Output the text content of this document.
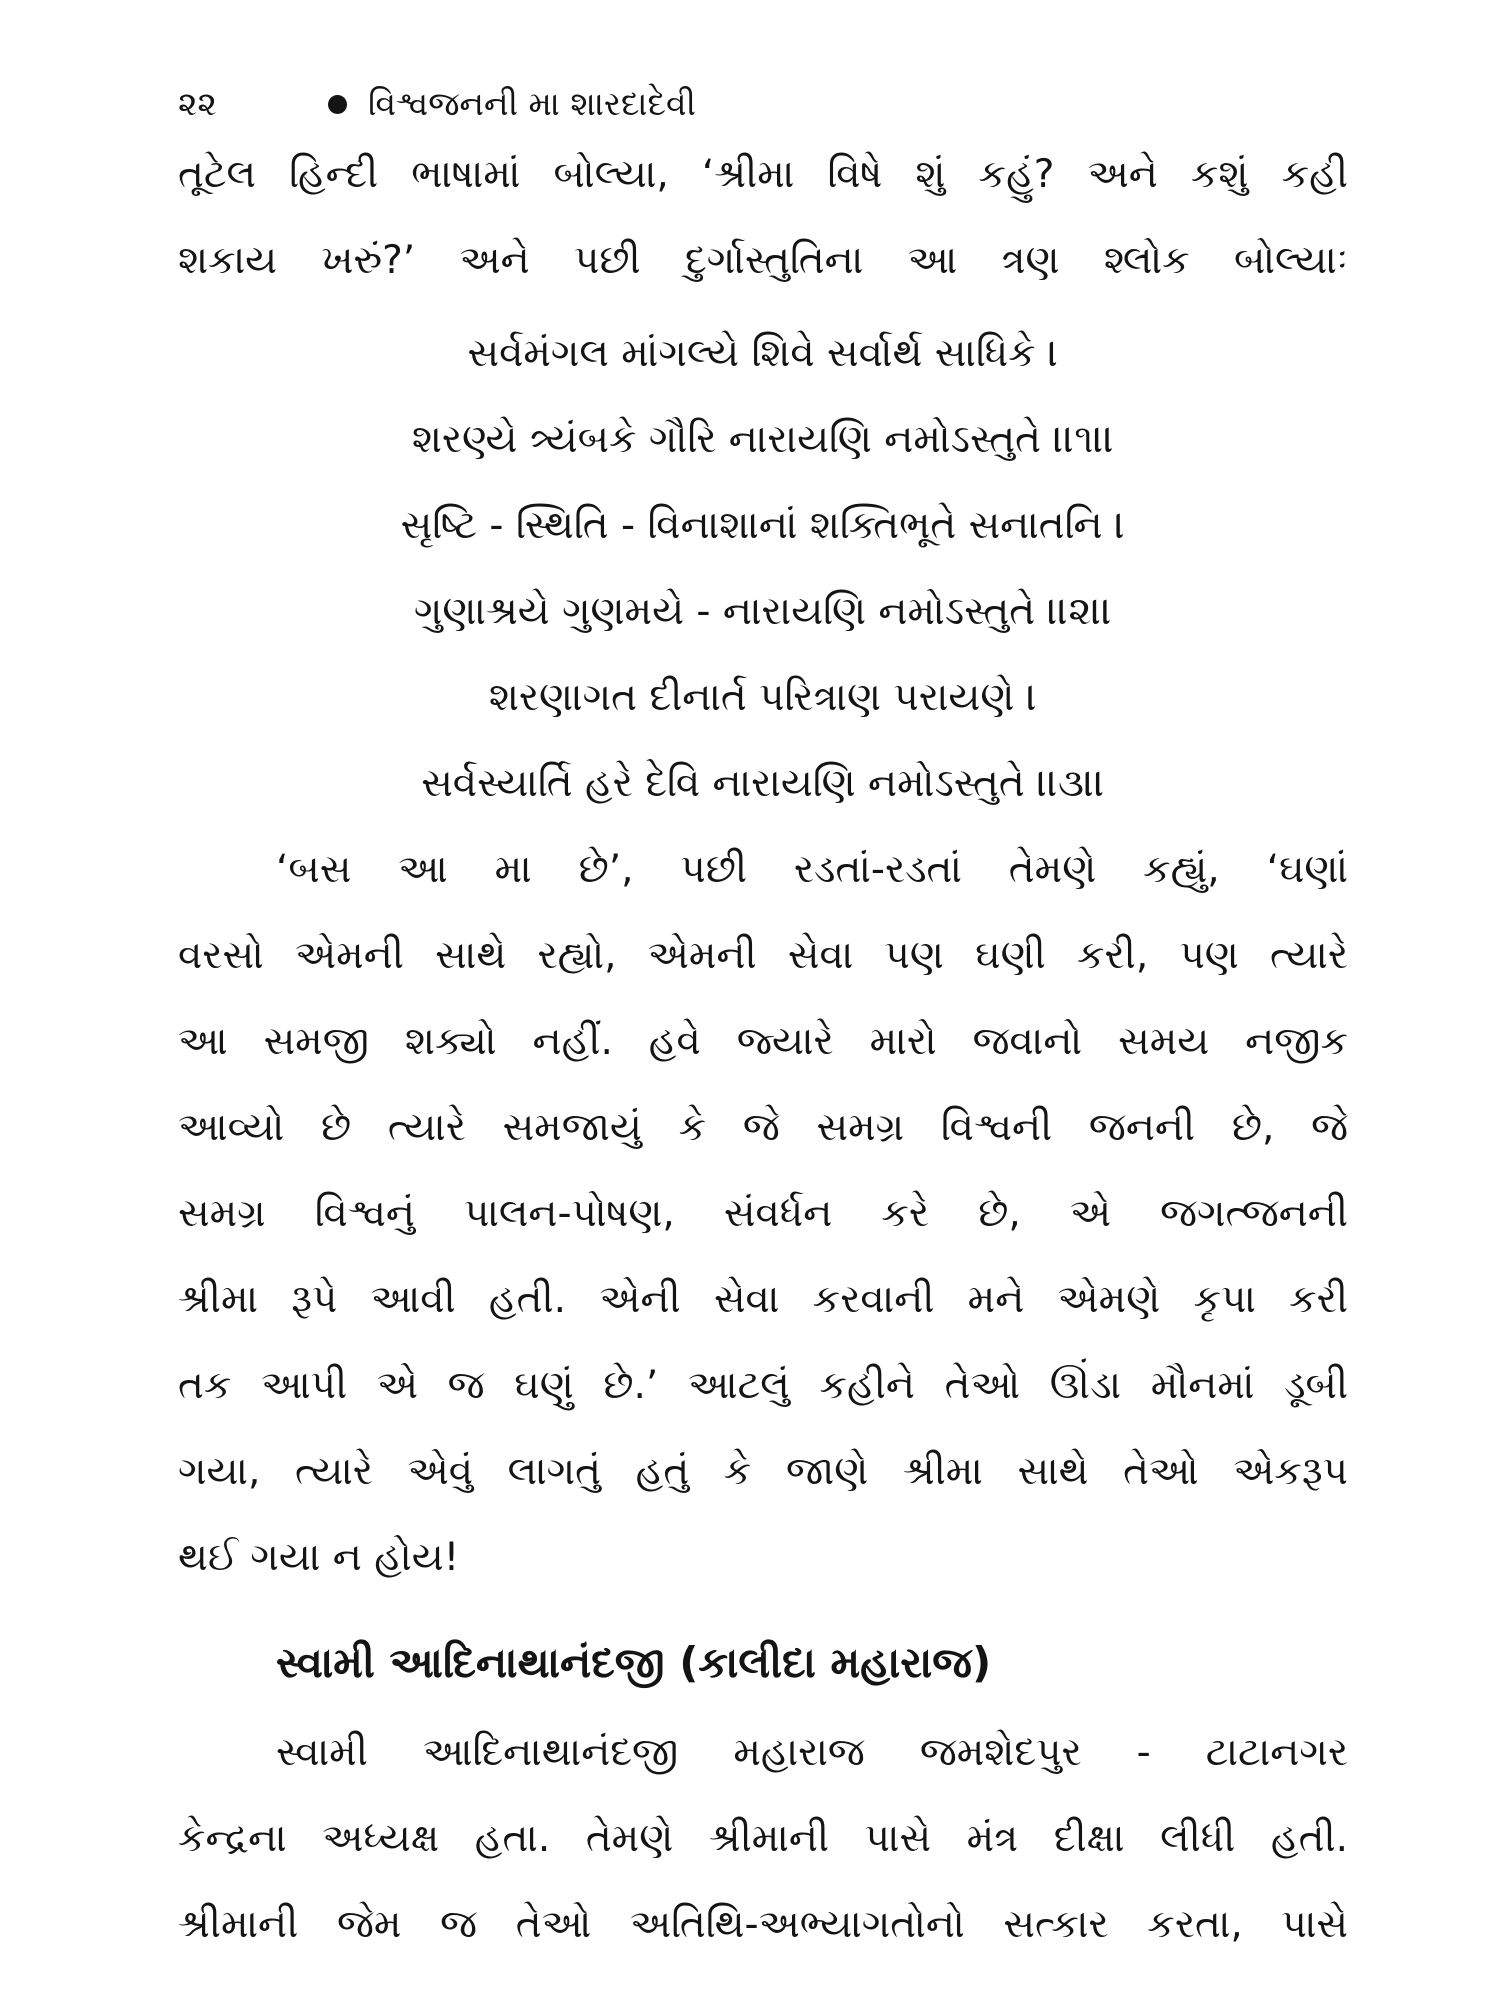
૨૨	વિશ્વજનની મા શારદાદેવી
તૂટેલ હિન્દી ભાષામાં બોલ્યા, ‘શ્રીમા વિષે શું કહું? અને કશું કહી
શકાય ખરું?’ અને પછી દુર્ગાસ્તુતિના આ ત્રણ શ્લોક બોલ્યાઃ
સર્વમંગલ માંગલ્યે શિવે સર્વાર્થ સાધિકે ।
શરણ્યે ત્ર્યંબકે ગૌરિ નારાયણિ નમોઽસ્તુતે ।।૧।।
સૃષ્ટિ - સ્થિતિ - વિનાશાનાં શક્તિભૂતે સનાતનિ ।
ગુણાશ્રયે ગુણમયે - નારાયણિ નમોઽસ્તુતે ।।૨।।
શરણાગત દીનાર્ત પરિત્રાણ પરાયણે ।
સર્વસ્યાર્તિ હરે દેવિ નારાયણિ નમોઽસ્તુતે ।।૩।।
‘બસ આ મા છે’, પછી રડતાં-રડતાં તેમણે કહ્યું, ‘ઘણાં
વરસો એમની સાથે રહ્યો, એમની સેવા પણ ઘણી કરી, પણ ત્યારે
આ સમજી શક્યો નહીં. હવે જ્યારે મારો જવાનો સમય નજીક
આવ્યો છે ત્યારે સમજાયું કે જે સમગ્ર વિશ્વની જનની છે, જે
સમગ્ર વિશ્વનું પાલન-પોષણ, સંવર્ધન કરે છે, એ જગત્જનની
શ્રીમા રૂપે આવી હતી. એની સેવા કરવાની મને એમણે કૃપા કરી
તક આપી એ જ ઘણું છે.’ આટલું કહીને તેઓ ઊંડા મૌનમાં ડૂબી
ગયા, ત્યારે એવું લાગતું હતું કે જાણે શ્રીમા સાથે તેઓ એકરૂપ
થઈ ગયા ન હોય!
સ્વામી આદિનાથાનંદજી (કાલીદા મહારાજ)
સ્વામી આદિનાથાનંદજી મહારાજ જમશેદપુર - ટાટાનગર
કેન્દ્રના અધ્યક્ષ હતા. તેમણે શ્રીમાની પાસે મંત્ર દીક્ષા લીધી હતી.
શ્રીમાની જેમ જ તેઓ અતિથિ-અભ્યાગતોનો સત્કાર કરતા, પાસે
